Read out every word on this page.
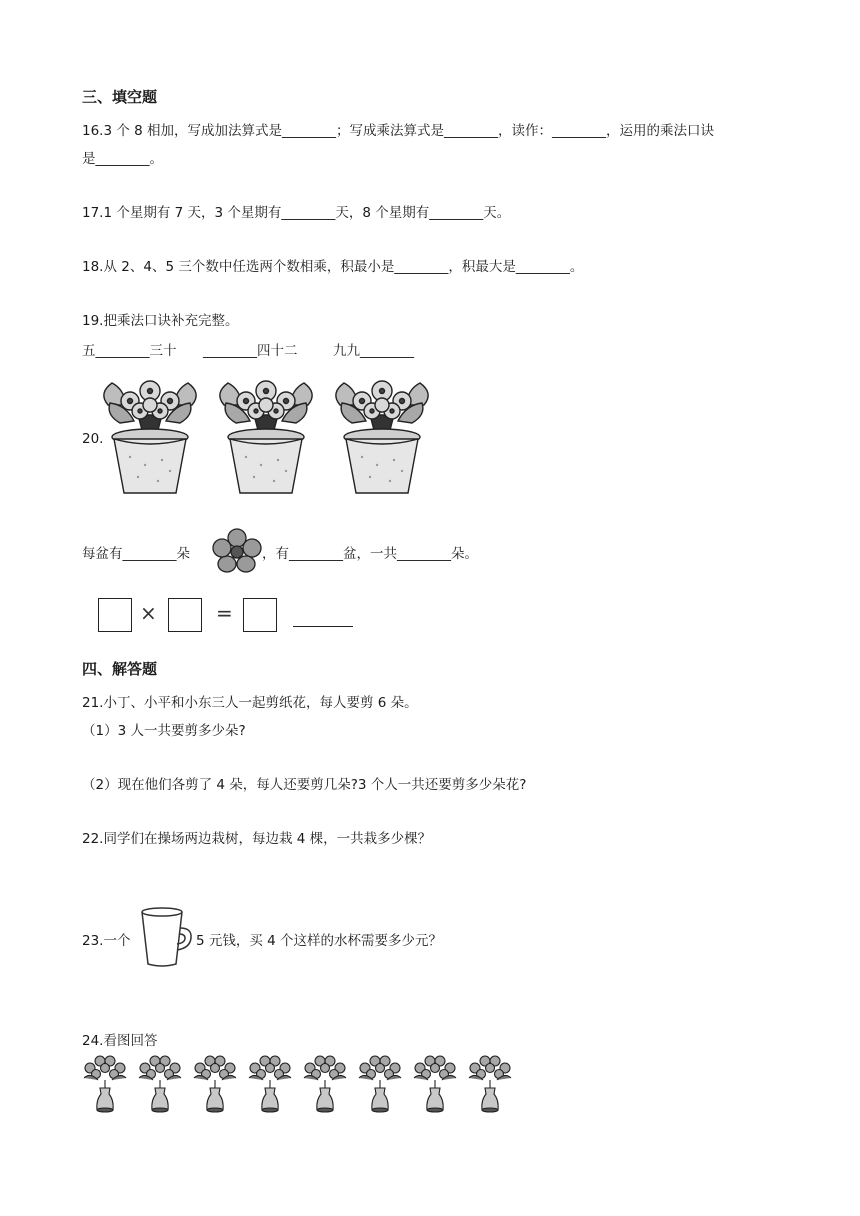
三、填空题
16.3 个 8 相加，写成加法算式是________；写成乘法算式是________，读作：________，运用的乘法口诀
是________。
17.1 个星期有 7 天，3 个星期有________天，8 个星期有________天。
18.从 2、4、5 三个数中任选两个数相乘，积最小是________，积最大是________。
19.把乘法口诀补充完整。
五________三十 ________四十二	九九________
20.
每盆有________朵	，有________盆，一共________朵。
×	=
四、解答题
21.小丁、小平和小东三人一起剪纸花，每人要剪 6 朵。
（1）3 人一共要剪多少朵?
（2）现在他们各剪了 4 朵，每人还要剪几朵?3 个人一共还要剪多少朵花?
22.同学们在操场两边栽树，每边栽 4 棵，一共栽多少棵？
23.一个	5 元钱，买 4 个这样的水杯需要多少元？
24.看图回答
